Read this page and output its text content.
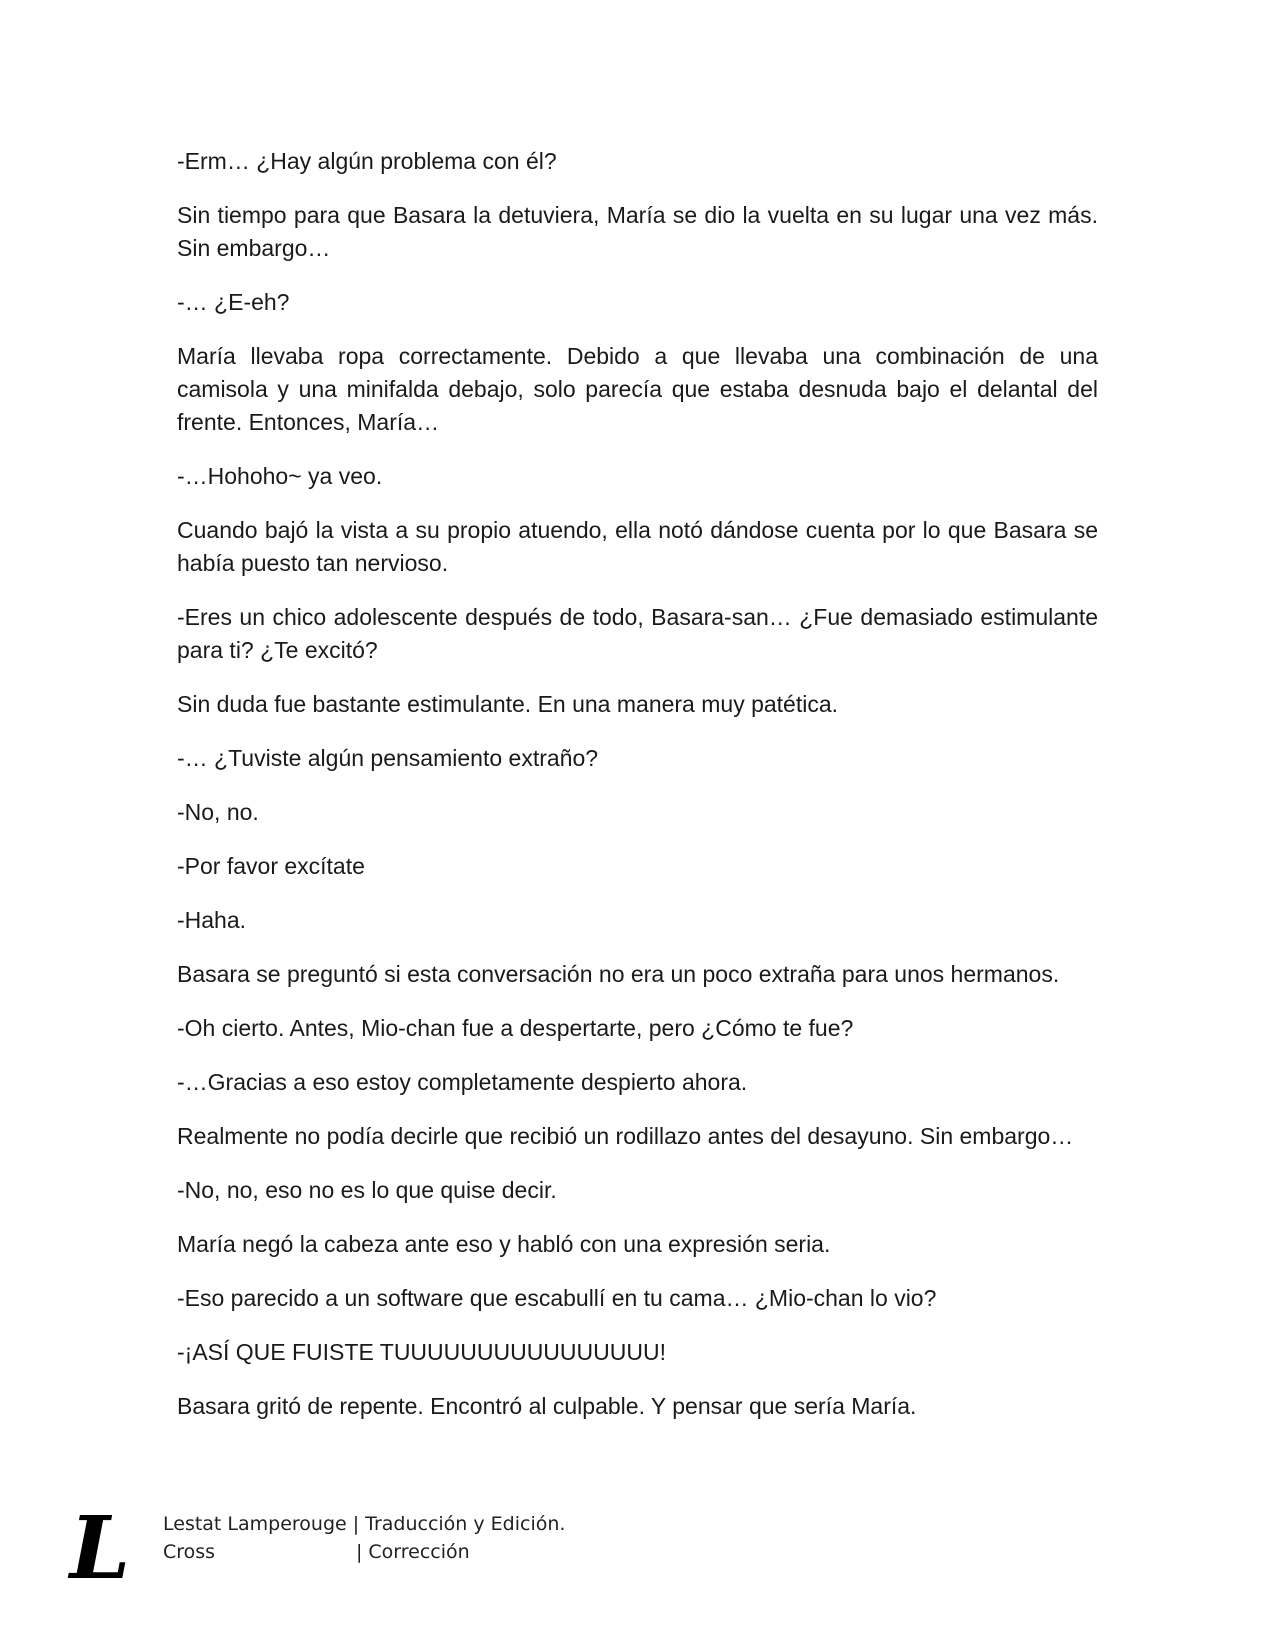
-Erm… ¿Hay algún problema con él?

Sin tiempo para que Basara la detuviera, María se dio la vuelta en su lugar una vez más. Sin embargo…

-… ¿E-eh?

María llevaba ropa correctamente. Debido a que llevaba una combinación de una camisola y una minifalda debajo, solo parecía que estaba desnuda bajo el delantal del frente. Entonces, María…

-…Hohoho~ ya veo.

Cuando bajó la vista a su propio atuendo, ella notó dándose cuenta por lo que Basara se había puesto tan nervioso.

-Eres un chico adolescente después de todo, Basara-san… ¿Fue demasiado estimulante para ti? ¿Te excitó?

Sin duda fue bastante estimulante. En una manera muy patética.

-… ¿Tuviste algún pensamiento extraño?

-No, no.

-Por favor excítate

-Haha.

Basara se preguntó si esta conversación no era un poco extraña para unos hermanos.

-Oh cierto. Antes, Mio-chan fue a despertarte, pero ¿Cómo te fue?

-…Gracias a eso estoy completamente despierto ahora.

Realmente no podía decirle que recibió un rodillazo antes del desayuno. Sin embargo…

-No, no, eso no es lo que quise decir.

María negó la cabeza ante eso y habló con una expresión seria.

-Eso parecido a un software que escabullí en tu cama… ¿Mio-chan lo vio?

-¡ASÍ QUE FUISTE TUUUUUUUUUUUUUUUU!

Basara gritó de repente. Encontró al culpable. Y pensar que sería María.

L Lestat Lamperouge | Traducción y Edición.
Cross	| Corrección
